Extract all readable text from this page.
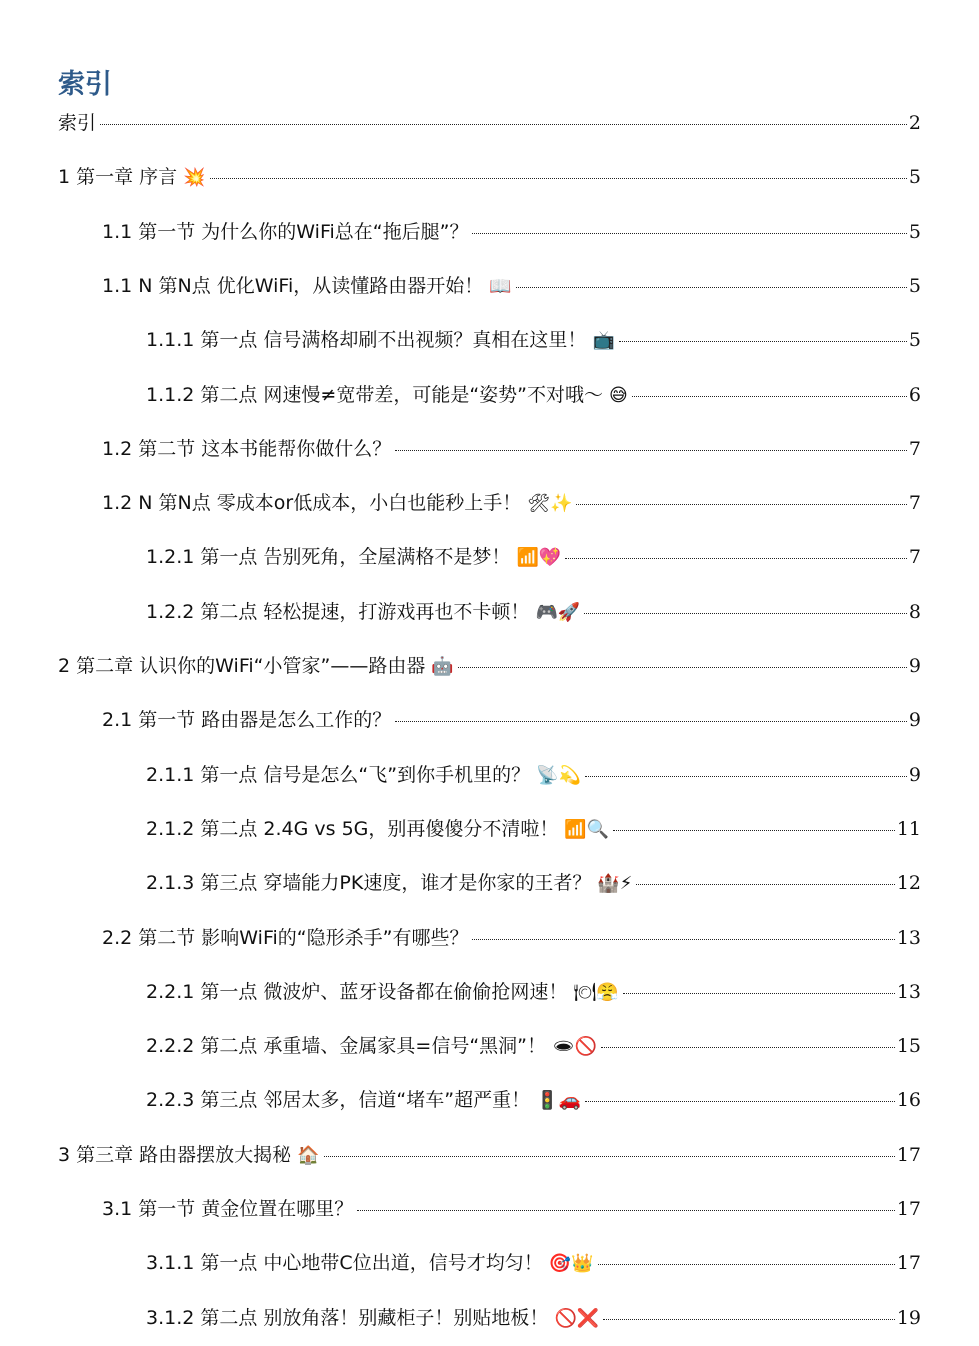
索引
索引	2
1 第一章 序言 💥	5
1.1 第一节 为什么你的WiFi总在“拖后腿”？	5
1.1 N 第N点 优化WiFi，从读懂路由器开始！ 📖	5
1.1.1 第一点 信号满格却刷不出视频？真相在这里！ 📺	5
1.1.2 第二点 网速慢≠宽带差，可能是“姿势”不对哦～ 😅	6
1.2 第二节 这本书能帮你做什么？	7
1.2 N 第N点 零成本or低成本，小白也能秒上手！ 🛠✨	7
1.2.1 第一点 告别死角，全屋满格不是梦！ 📶💖	7
1.2.2 第二点 轻松提速，打游戏再也不卡顿！ 🎮🚀	8
2 第二章 认识你的WiFi“小管家”——路由器 🤖	9
2.1 第一节 路由器是怎么工作的？	9
2.1.1 第一点 信号是怎么“飞”到你手机里的？ 📡💫	9
2.1.2 第二点 2.4G vs 5G，别再傻傻分不清啦！ 📶🔍	11
2.1.3 第三点 穿墙能力PK速度，谁才是你家的王者？ 🏰⚡	12
2.2 第二节 影响WiFi的“隐形杀手”有哪些？	13
2.2.1 第一点 微波炉、蓝牙设备都在偷偷抢网速！ 🍽😤	13
2.2.2 第二点 承重墙、金属家具=信号“黑洞”！ 🕳🚫	15
2.2.3 第三点 邻居太多，信道“堵车”超严重！ 🚦🚗	16
3 第三章 路由器摆放大揭秘 🏠	17
3.1 第一节 黄金位置在哪里？	17
3.1.1 第一点 中心地带C位出道，信号才均匀！ 🎯👑	17
3.1.2 第二点 别放角落！别藏柜子！别贴地板！ 🚫❌	19
